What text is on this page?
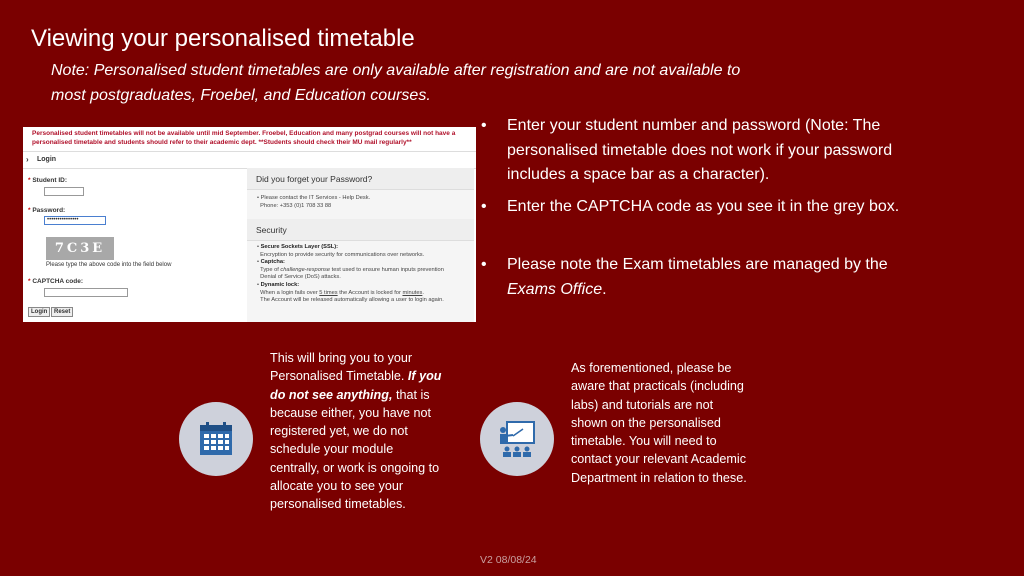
Viewing your personalised timetable
Note: Personalised student timetables are only available after registration and are not available to most postgraduates, Froebel, and Education courses.
Personalised student timetables will not be available until mid September. Froebel, Education and many postgrad courses will not have a personalised timetable and students should refer to their academic dept. **Students should check their MU mail regularly**
› Login
* Student ID:
* Password:
•••••••••••••••
7C3E
Please type the above code into the field below
* CAPTCHA code:
Login	Reset
Did you forget your Password?
• Please contact the IT Services - Help Desk.
Phone: +353 (0)1 708 33 88
Security
• Secure Sockets Layer (SSL):
Encryption to provide security for communications over networks.
• Captcha:
Type of challenge-response test used to ensure human inputs prevention
Denial of Service (DoS) attacks.
• Dynamic lock:
When a login fails over 5 times the Account is locked for minutes.
The Account will be released automatically allowing a user to login again.
• Enter your student number and password (Note: The personalised timetable does not work if your password includes a space bar as a character).
• Enter the CAPTCHA code as you see it in the grey box.
• Please note the Exam timetables are managed by the Exams Office.
This will bring you to your Personalised Timetable. If you do not see anything, that is because either, you have not registered yet, we do not schedule your module centrally, or work is ongoing to allocate you to see your personalised timetables.
As forementioned, please be aware that practicals (including labs) and tutorials are not shown on the personalised timetable. You will need to contact your relevant Academic Department in relation to these.
V2 08/08/24
